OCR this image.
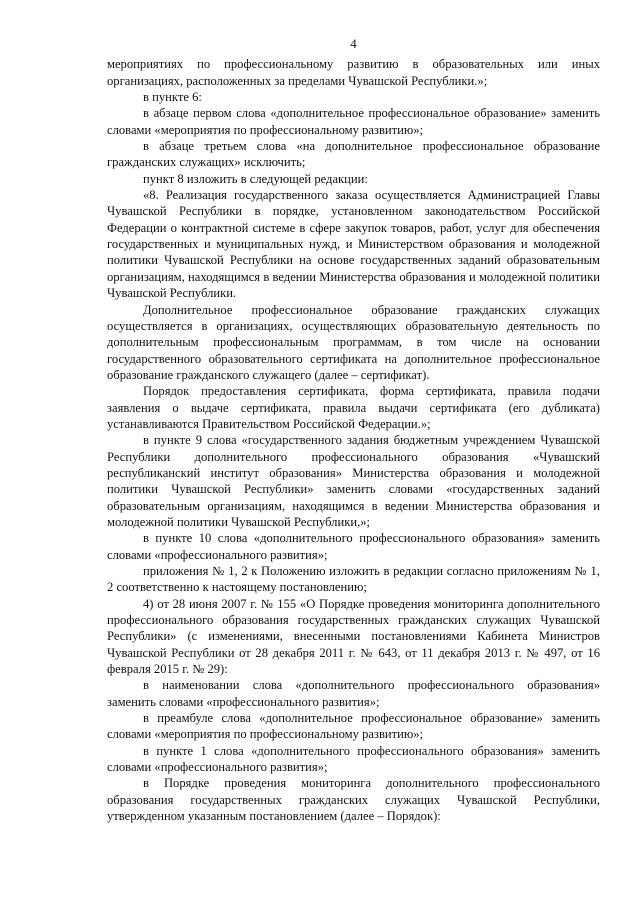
4

мероприятиях по профессиональному развитию в образовательных или иных организациях, расположенных за пределами Чувашской Республики.»;

в пункте 6:

в абзаце первом слова «дополнительное профессиональное образование» заменить словами «мероприятия по профессиональному развитию»;

в абзаце третьем слова «на дополнительное профессиональное образование гражданских служащих» исключить;

пункт 8 изложить в следующей редакции:

«8. Реализация государственного заказа осуществляется Администрацией Главы Чувашской Республики в порядке, установленном законодательством Российской Федерации о контрактной системе в сфере закупок товаров, работ, услуг для обеспечения государственных и муниципальных нужд, и Министерством образования и молодежной политики Чувашской Республики на основе государственных заданий образовательным организациям, находящимся в ведении Министерства образования и молодежной политики Чувашской Республики.

Дополнительное профессиональное образование гражданских служащих осуществляется в организациях, осуществляющих образовательную деятельность по дополнительным профессиональным программам, в том числе на основании государственного образовательного сертификата на дополнительное профессиональное образование гражданского служащего (далее – сертификат).

Порядок предоставления сертификата, форма сертификата, правила подачи заявления о выдаче сертификата, правила выдачи сертификата (его дубликата) устанавливаются Правительством Российской Федерации.»;

в пункте 9 слова «государственного задания бюджетным учреждением Чувашской Республики дополнительного профессионального образования «Чувашский республиканский институт образования» Министерства образования и молодежной политики Чувашской Республики» заменить словами «государственных заданий образовательным организациям, находящимся в ведении Министерства образования и молодежной политики Чувашской Республики,»;

в пункте 10 слова «дополнительного профессионального образования» заменить словами «профессионального развития»;

приложения № 1, 2 к Положению изложить в редакции согласно приложениям № 1, 2 соответственно к настоящему постановлению;

4) от 28 июня 2007 г. № 155 «О Порядке проведения мониторинга дополнительного профессионального образования государственных гражданских служащих Чувашской Республики» (с изменениями, внесенными постановлениями Кабинета Министров Чувашской Республики от 28 декабря 2011 г. № 643, от 11 декабря 2013 г. № 497, от 16 февраля 2015 г. № 29):

в наименовании слова «дополнительного профессионального образования» заменить словами «профессионального развития»;

в преамбуле слова «дополнительное профессиональное образование» заменить словами «мероприятия по профессиональному развитию»;

в пункте 1 слова «дополнительного профессионального образования» заменить словами «профессионального развития»;

в Порядке проведения мониторинга дополнительного профессионального образования государственных гражданских служащих Чувашской Республики, утвержденном указанным постановлением (далее – Порядок):
